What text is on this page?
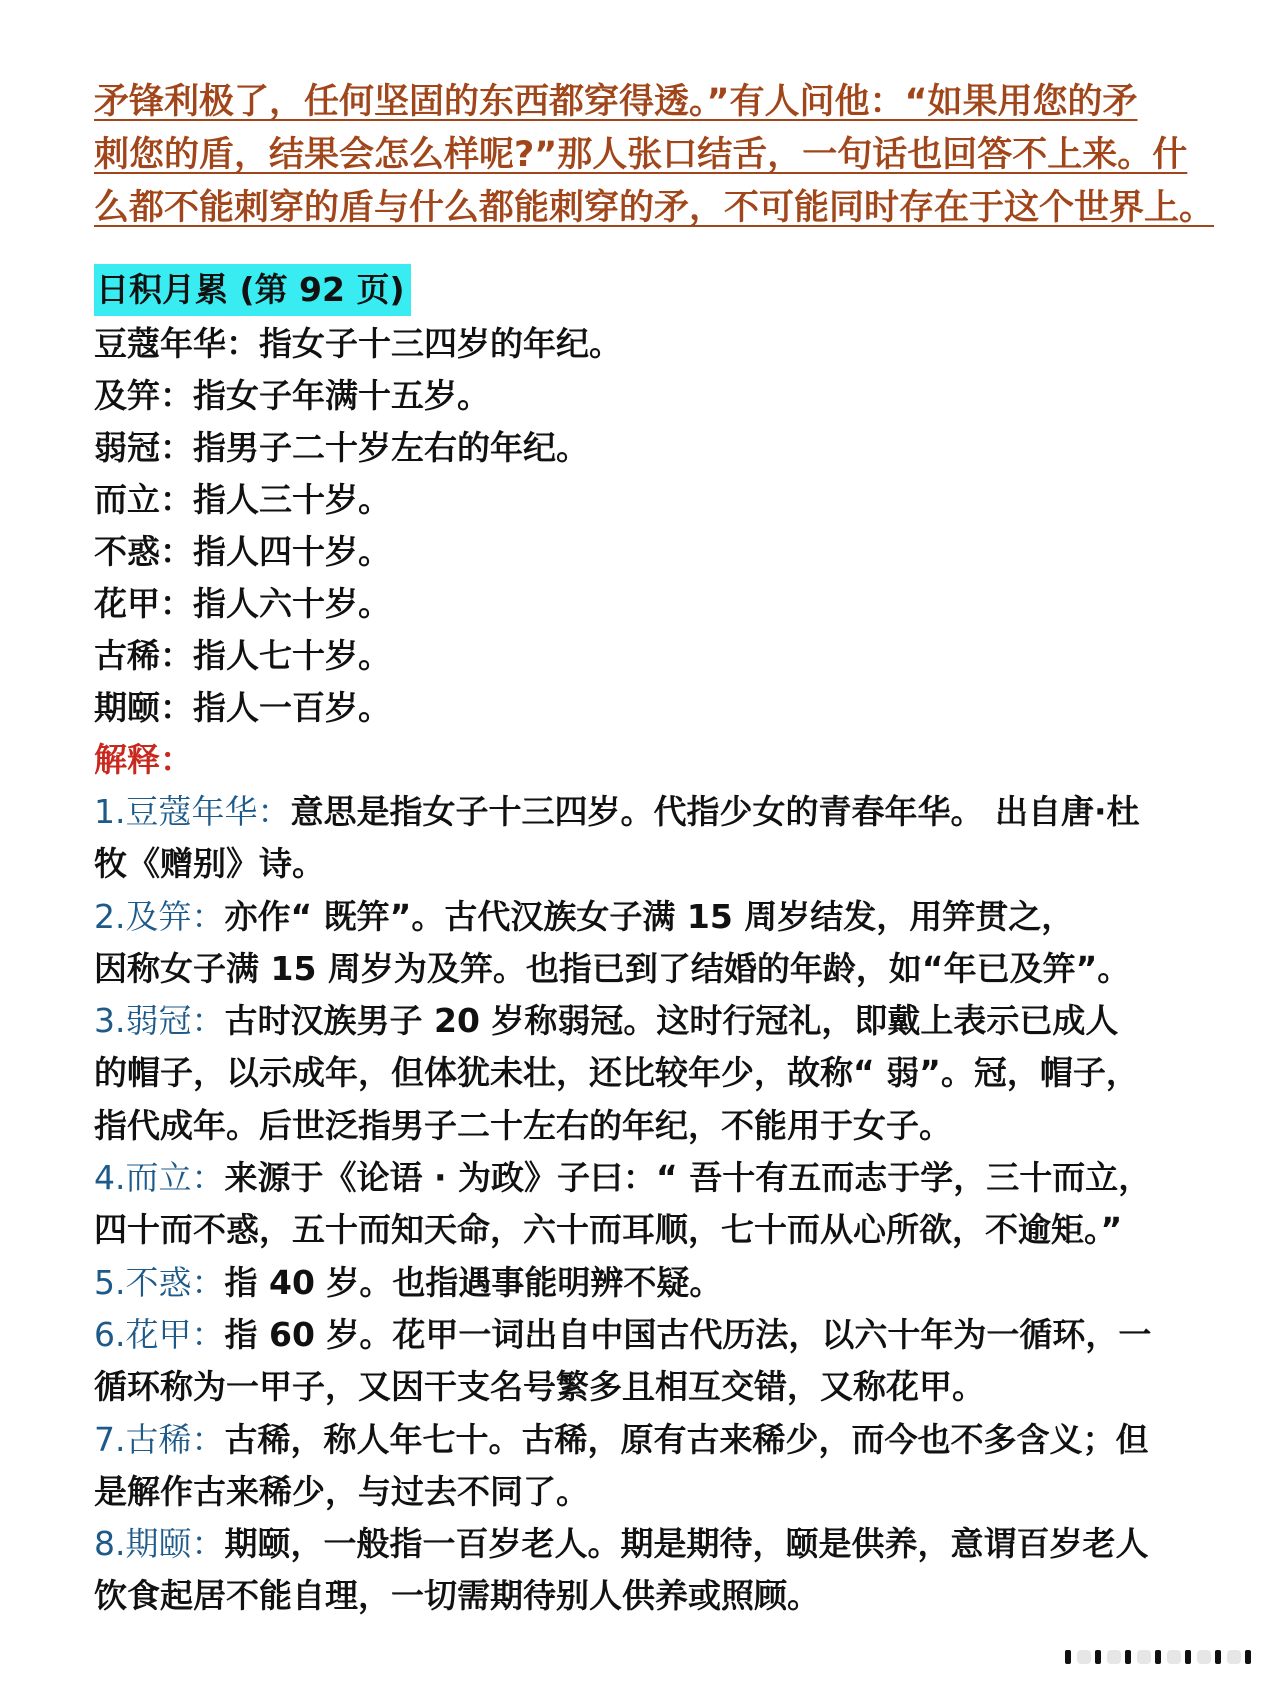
矛锋利极了，任何坚固的东西都穿得透。”有人问他：“如果用您的矛
刺您的盾，结果会怎么样呢?”那人张口结舌，一句话也回答不上来。什
么都不能刺穿的盾与什么都能刺穿的矛，不可能同时存在于这个世界上。
日积月累 (第 92 页)
豆蔻年华：指女子十三四岁的年纪。
及笄：指女子年满十五岁。
弱冠：指男子二十岁左右的年纪。
而立：指人三十岁。
不惑：指人四十岁。
花甲：指人六十岁。
古稀：指人七十岁。
期颐：指人一百岁。
解释：
1.豆蔻年华：意思是指女子十三四岁。代指少女的青春年华。 出自唐·杜
牧《赠别》诗。
2.及笄：亦作“ 既笄”。古代汉族女子满 15 周岁结发，用笄贯之，
因称女子满 15 周岁为及笄。也指已到了结婚的年龄，如“年已及笄”。
3.弱冠：古时汉族男子 20 岁称弱冠。这时行冠礼，即戴上表示已成人
的帽子，以示成年，但体犹未壮，还比较年少，故称“ 弱”。冠，帽子，
指代成年。后世泛指男子二十左右的年纪，不能用于女子。
4.而立：来源于《论语 · 为政》子曰：“ 吾十有五而志于学，三十而立，
四十而不惑，五十而知天命，六十而耳顺，七十而从心所欲，不逾矩。”
5.不惑：指 40 岁。也指遇事能明辨不疑。
6.花甲：指 60 岁。花甲一词出自中国古代历法，以六十年为一循环，一
循环称为一甲子，又因干支名号繁多且相互交错，又称花甲。
7.古稀：古稀，称人年七十。古稀，原有古来稀少，而今也不多含义；但
是解作古来稀少，与过去不同了。
8.期颐：期颐，一般指一百岁老人。期是期待，颐是供养，意谓百岁老人
饮食起居不能自理，一切需期待别人供养或照顾。
